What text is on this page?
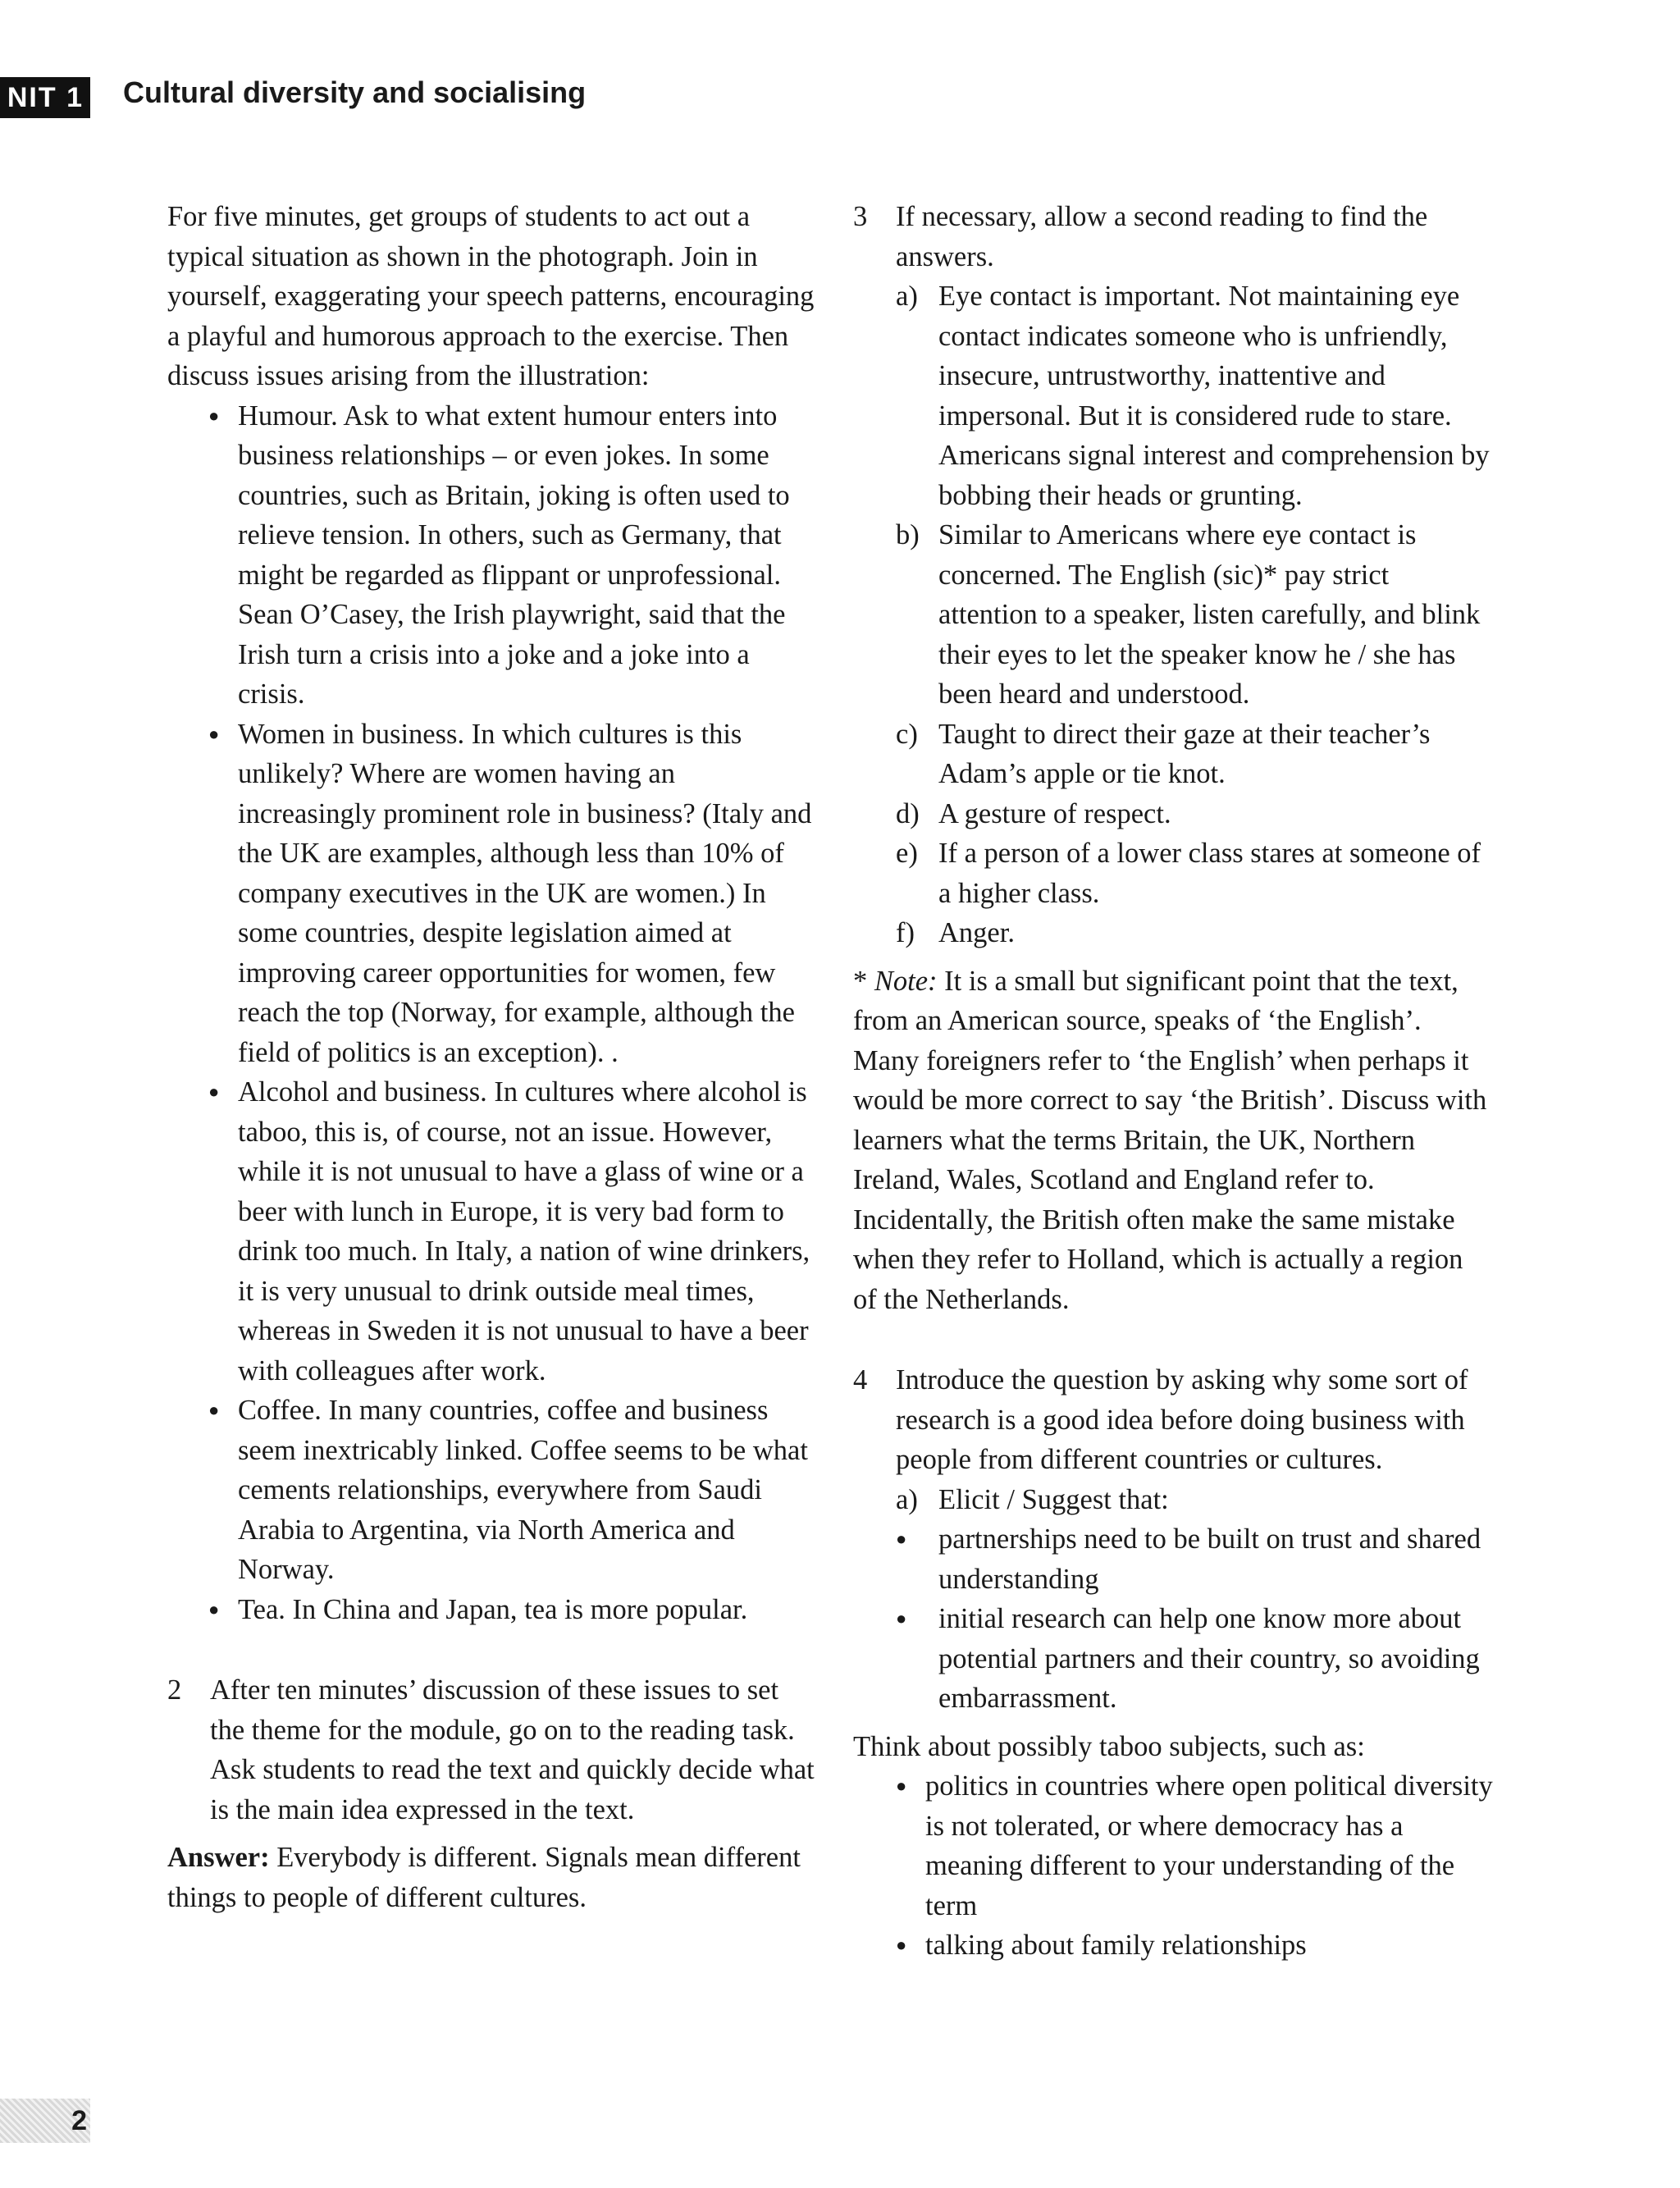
NIT 1 Cultural diversity and socialising

For five minutes, get groups of students to act out a typical situation as shown in the photograph. Join in yourself, exaggerating your speech patterns, encouraging a playful and humorous approach to the exercise. Then discuss issues arising from the illustration:

● Humour. Ask to what extent humour enters into business relationships – or even jokes. In some countries, such as Britain, joking is often used to relieve tension. In others, such as Germany, that might be regarded as flippant or unprofessional. Sean O’Casey, the Irish playwright, said that the Irish turn a crisis into a joke and a joke into a crisis.
● Women in business. In which cultures is this unlikely? Where are women having an increasingly prominent role in business? (Italy and the UK are examples, although less than 10% of company executives in the UK are women.) In some countries, despite legislation aimed at improving career opportunities for women, few reach the top (Norway, for example, although the field of politics is an exception). .
● Alcohol and business. In cultures where alcohol is taboo, this is, of course, not an issue. However, while it is not unusual to have a glass of wine or a beer with lunch in Europe, it is very bad form to drink too much. In Italy, a nation of wine drinkers, it is very unusual to drink outside meal times, whereas in Sweden it is not unusual to have a beer with colleagues after work.
● Coffee. In many countries, coffee and business seem inextricably linked. Coffee seems to be what cements relationships, everywhere from Saudi Arabia to Argentina, via North America and Norway.
● Tea. In China and Japan, tea is more popular.
2 After ten minutes’ discussion of these issues to set the theme for the module, go on to the reading task. Ask students to read the text and quickly decide what is the main idea expressed in the text.

Answer: Everybody is different. Signals mean different things to people of different cultures.

3 If necessary, allow a second reading to find the answers.

a) Eye contact is important. Not maintaining eye contact indicates someone who is unfriendly, insecure, untrustworthy, inattentive and impersonal. But it is considered rude to stare. Americans signal interest and comprehension by bobbing their heads or grunting.
b) Similar to Americans where eye contact is concerned. The English (sic)* pay strict attention to a speaker, listen carefully, and blink their eyes to let the speaker know he / she has been heard and understood.
c) Taught to direct their gaze at their teacher’s Adam’s apple or tie knot.
d) A gesture of respect.
e) If a person of a lower class stares at someone of a higher class.
f) Anger.

* Note: It is a small but significant point that the text, from an American source, speaks of ‘the English’. Many foreigners refer to ‘the English’ when perhaps it would be more correct to say ‘the British’. Discuss with learners what the terms Britain, the UK, Northern Ireland, Wales, Scotland and England refer to. Incidentally, the British often make the same mistake when they refer to Holland, which is actually a region of the Netherlands.

4 Introduce the question by asking why some sort of research is a good idea before doing business with people from different countries or cultures.

a) Elicit / Suggest that:
● partnerships need to be built on trust and shared understanding
● initial research can help one know more about potential partners and their country, so avoiding embarrassment.

Think about possibly taboo subjects, such as:

● politics in countries where open political diversity is not tolerated, or where democracy has a meaning different to your understanding of the term
● talking about family relationships
2
